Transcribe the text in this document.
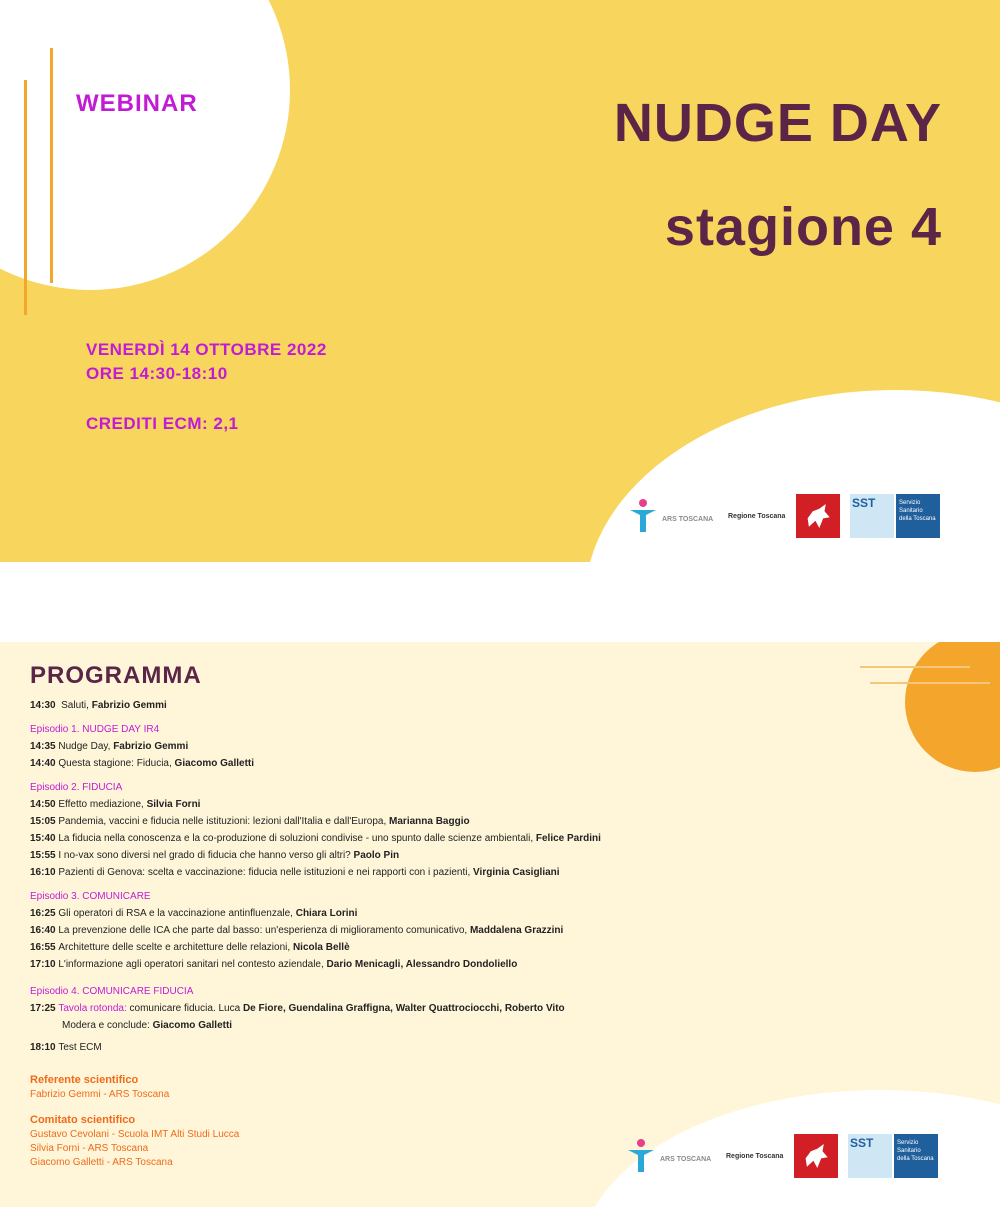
WEBINAR	NUDGE DAY
stagione 4
VENERDÌ 14 OTTOBRE 2022
ORE 14:30-18:10
CREDITI ECM: 2,1
ARS TOSCANA Regione Toscana
SST	Servizio Sanitario della Toscana
PROGRAMMA
14:30 Saluti, Fabrizio Gemmi
Episodio 1. NUDGE DAY IR4
14:35 Nudge Day, Fabrizio Gemmi
14:40 Questa stagione: Fiducia, Giacomo Galletti
Episodio 2. FIDUCIA
14:50 Effetto mediazione, Silvia Forni
15:05 Pandemia, vaccini e fiducia nelle istituzioni: lezioni dall'Italia e dall'Europa, Marianna Baggio
15:40 La fiducia nella conoscenza e la co-produzione di soluzioni condivise - uno spunto dalle scienze ambientali, Felice Pardini
15:55 I no-vax sono diversi nel grado di fiducia che hanno verso gli altri? Paolo Pin
16:10 Pazienti di Genova: scelta e vaccinazione: fiducia nelle istituzioni e nei rapporti con i pazienti, Virginia Casigliani
Episodio 3. COMUNICARE
16:25 Gli operatori di RSA e la vaccinazione antinfluenzale, Chiara Lorini
16:40 La prevenzione delle ICA che parte dal basso: un'esperienza di miglioramento comunicativo, Maddalena Grazzini
16:55 Architetture delle scelte e architetture delle relazioni, Nicola Bellè
17:10 L'informazione agli operatori sanitari nel contesto aziendale, Dario Menicagli, Alessandro Dondoliello
Episodio 4. COMUNICARE FIDUCIA
17:25 Tavola rotonda: comunicare fiducia. Luca De Fiore, Guendalina Graffigna, Walter Quattrociocchi, Roberto Vito
Modera e conclude: Giacomo Galletti
18:10 Test ECM
Referente scientifico
Fabrizio Gemmi - ARS Toscana
Comitato scientifico
Gustavo Cevolani - Scuola IMT Alti Studi Lucca
Silvia Forni - ARS Toscana
Giacomo Galletti - ARS Toscana	ARS TOSCANA Regione Toscana
SST	Servizio Sanitario della Toscana
